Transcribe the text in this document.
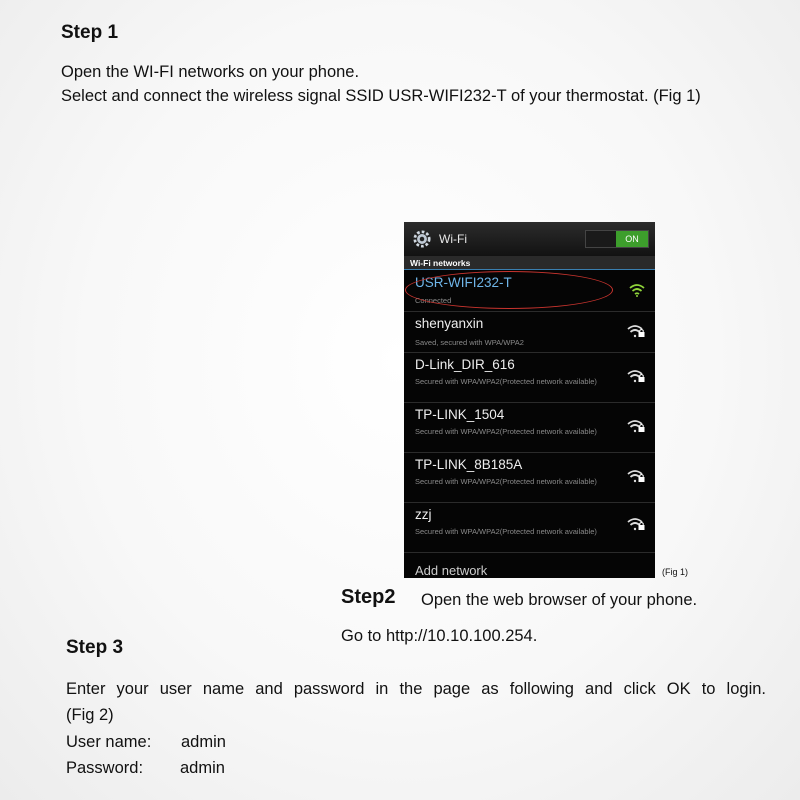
Step 1
Open the WI-FI networks on your phone.
Select and connect the wireless signal SSID USR-WIFI232-T of your thermostat. (Fig 1)
Wi-Fi	ON
Wi-Fi networks
USR-WIFI232-T
Connected
shenyanxin
Saved, secured with WPA/WPA2
D-Link_DIR_616
Secured with WPA/WPA2(Protected network available)
TP-LINK_1504
Secured with WPA/WPA2(Protected network available)
TP-LINK_8B185A
Secured with WPA/WPA2(Protected network available)
zzj
Secured with WPA/WPA2(Protected network available)
Add network	(Fig 1)
Step2 Open the web browser of your phone.
Go to http://10.10.100.254.
Step 3
Enter your user name and password in the page as following and click OK to login.
(Fig 2)
User name: admin
Password: admin
